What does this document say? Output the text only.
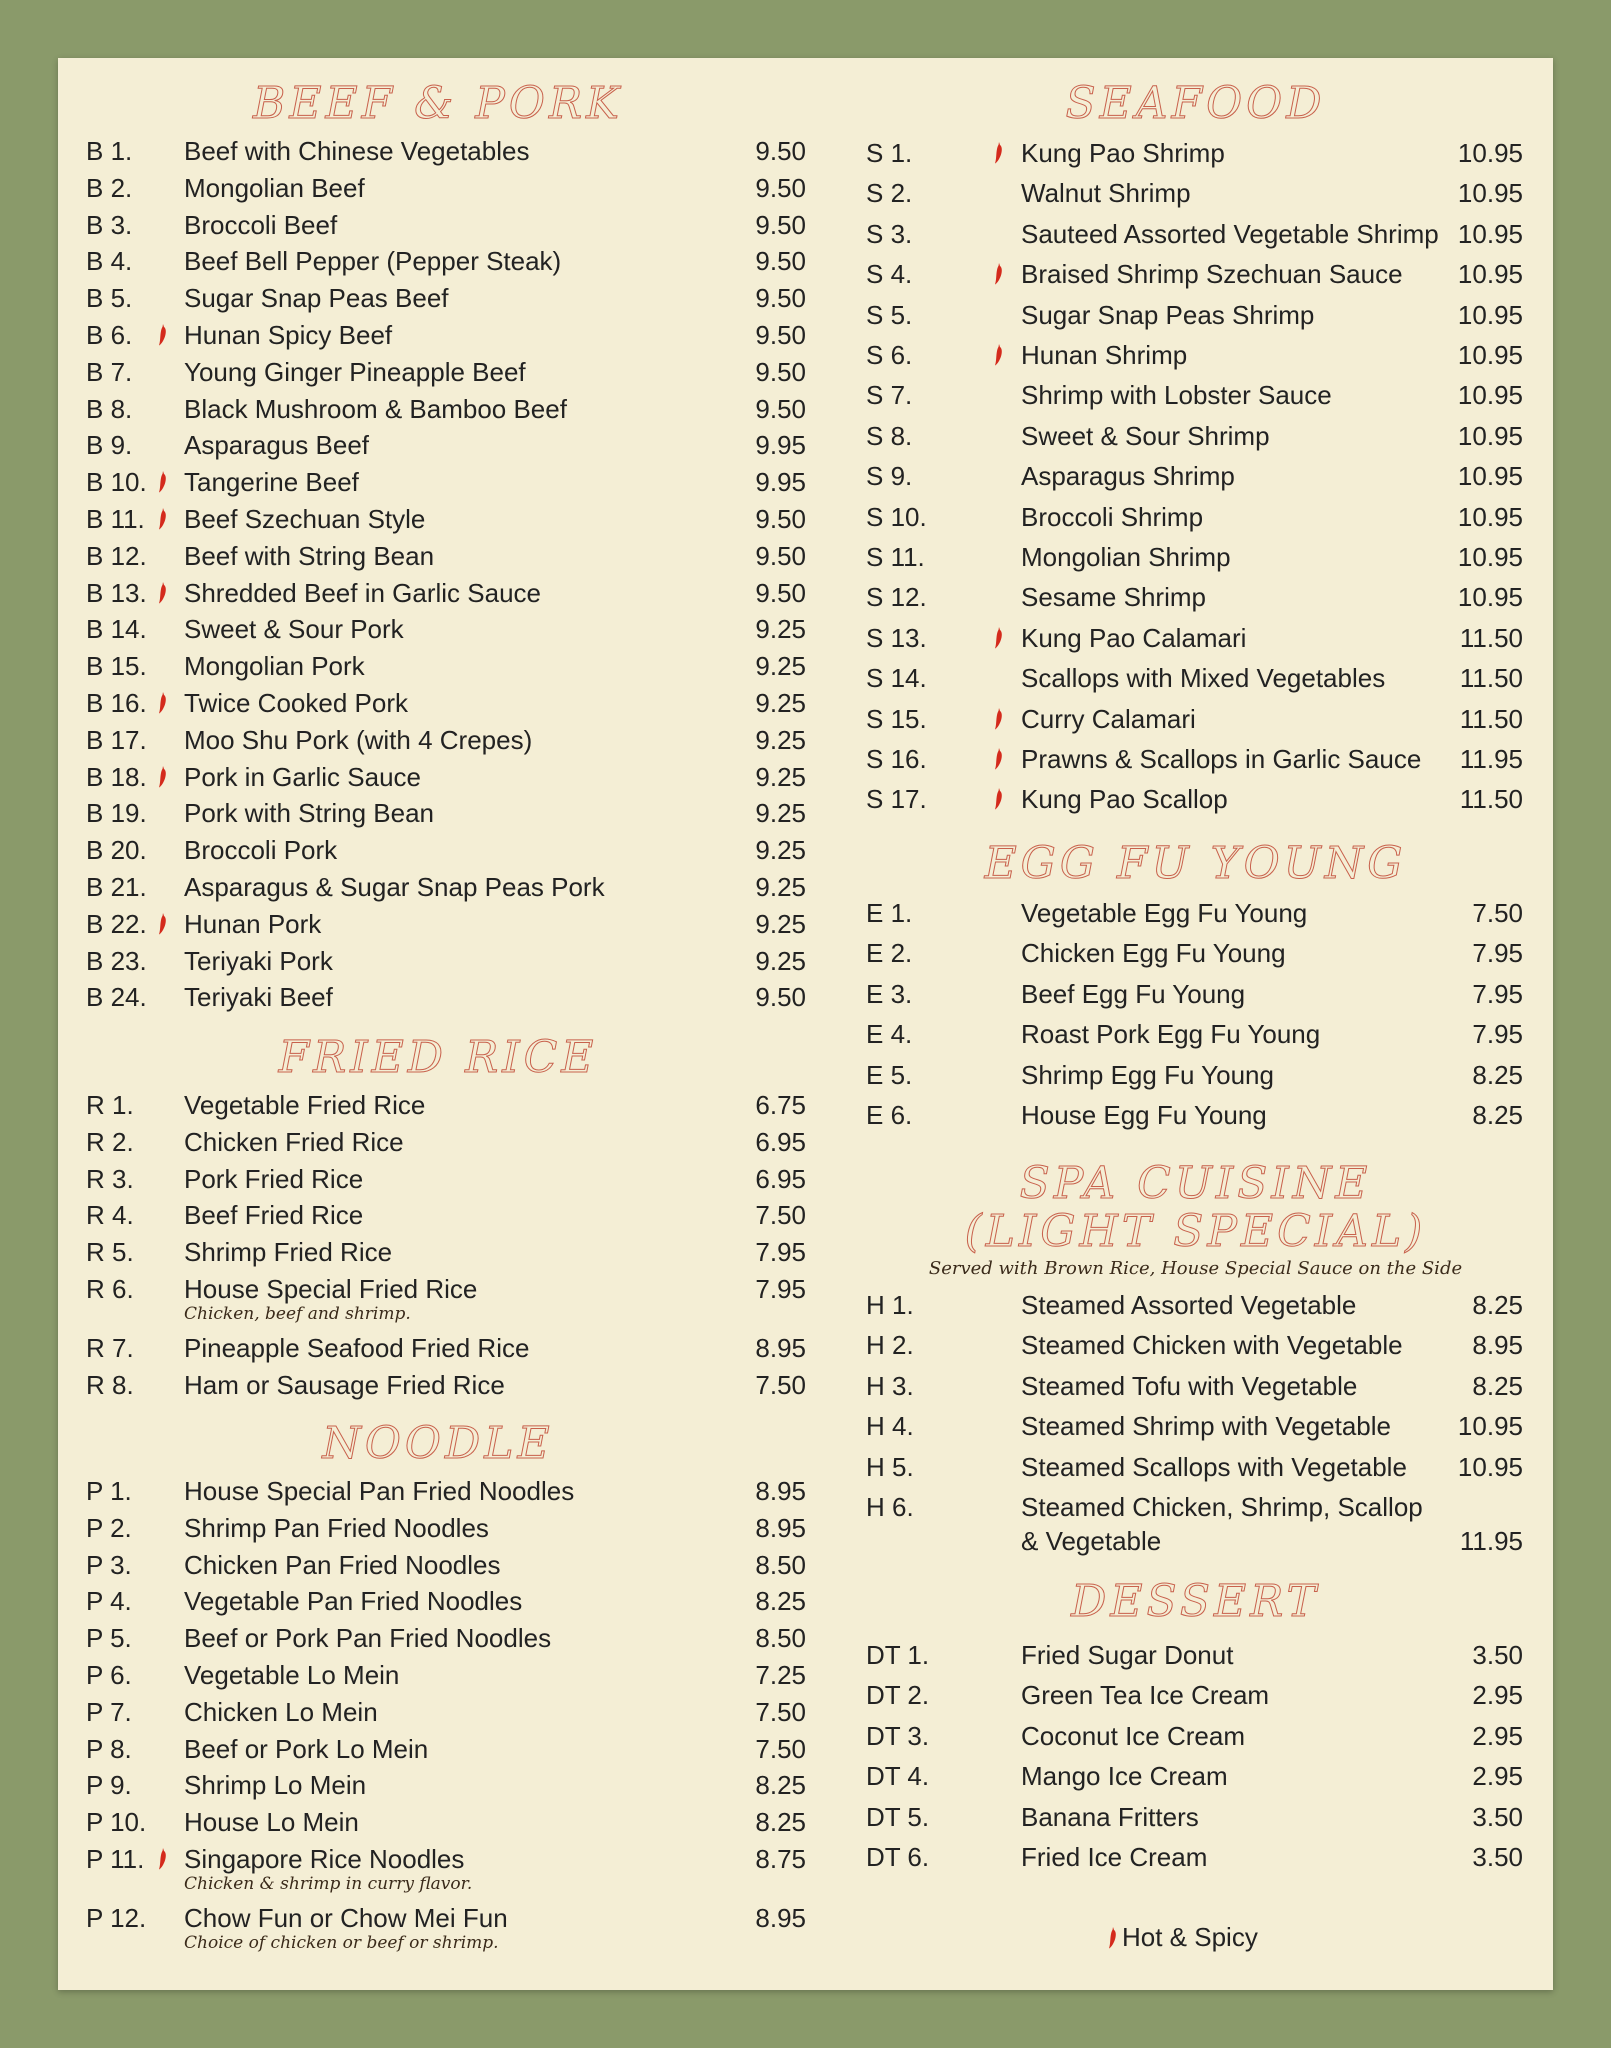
BEEF & PORK
B 1. Beef with Chinese Vegetables	9.50
B 2. Mongolian Beef	9.50
B 3. Broccoli Beef	9.50
B 4. Beef Bell Pepper (Pepper Steak)	9.50
B 5. Sugar Snap Peas Beef	9.50
B 6. Hunan Spicy Beef	9.50
B 7. Young Ginger Pineapple Beef	9.50
B 8. Black Mushroom & Bamboo Beef	9.50
B 9. Asparagus Beef	9.95
B 10. Tangerine Beef	9.95
B 11. Beef Szechuan Style	9.50
B 12. Beef with String Bean	9.50
B 13. Shredded Beef in Garlic Sauce	9.50
B 14. Sweet & Sour Pork	9.25
B 15. Mongolian Pork	9.25
B 16. Twice Cooked Pork	9.25
B 17. Moo Shu Pork (with 4 Crepes)	9.25
B 18. Pork in Garlic Sauce	9.25
B 19. Pork with String Bean	9.25
B 20. Broccoli Pork	9.25
B 21. Asparagus & Sugar Snap Peas Pork	9.25
B 22. Hunan Pork	9.25
B 23. Teriyaki Pork	9.25
B 24. Teriyaki Beef	9.50
FRIED RICE
R 1. Vegetable Fried Rice	6.75
R 2. Chicken Fried Rice	6.95
R 3. Pork Fried Rice	6.95
R 4. Beef Fried Rice	7.50
R 5. Shrimp Fried Rice	7.95
R 6. House Special Fried Rice	7.95
Chicken, beef and shrimp.
R 7. Pineapple Seafood Fried Rice	8.95
R 8. Ham or Sausage Fried Rice	7.50
NOODLE
P 1. House Special Pan Fried Noodles	8.95
P 2. Shrimp Pan Fried Noodles	8.95
P 3. Chicken Pan Fried Noodles	8.50
P 4. Vegetable Pan Fried Noodles	8.25
P 5. Beef or Pork Pan Fried Noodles	8.50
P 6. Vegetable Lo Mein	7.25
P 7. Chicken Lo Mein	7.50
P 8. Beef or Pork Lo Mein	7.50
P 9. Shrimp Lo Mein	8.25
P 10. House Lo Mein	8.25
P 11. Singapore Rice Noodles	8.75
Chicken & shrimp in curry flavor.
P 12. Chow Fun or Chow Mei Fun	8.95
Choice of chicken or beef or shrimp.
SEAFOOD
S 1.	Kung Pao Shrimp	10.95
S 2.	Walnut Shrimp	10.95
S 3.	Sauteed Assorted Vegetable Shrimp 10.95
S 4.	Braised Shrimp Szechuan Sauce	10.95
S 5.	Sugar Snap Peas Shrimp	10.95
S 6.	Hunan Shrimp	10.95
S 7.	Shrimp with Lobster Sauce	10.95
S 8.	Sweet & Sour Shrimp	10.95
S 9.	Asparagus Shrimp	10.95
S 10.	Broccoli Shrimp	10.95
S 11.	Mongolian Shrimp	10.95
S 12.	Sesame Shrimp	10.95
S 13.	Kung Pao Calamari	11.50
S 14.	Scallops with Mixed Vegetables	11.50
S 15.	Curry Calamari	11.50
S 16.	Prawns & Scallops in Garlic Sauce	11.95
S 17.	Kung Pao Scallop	11.50
EGG FU YOUNG
E 1.	Vegetable Egg Fu Young	7.50
E 2.	Chicken Egg Fu Young	7.95
E 3.	Beef Egg Fu Young	7.95
E 4.	Roast Pork Egg Fu Young	7.95
E 5.	Shrimp Egg Fu Young	8.25
E 6.	House Egg Fu Young	8.25
SPA CUISINE
(LIGHT SPECIAL)
Served with Brown Rice, House Special Sauce on the Side
H 1.	Steamed Assorted Vegetable	8.25
H 2.	Steamed Chicken with Vegetable	8.95
H 3.	Steamed Tofu with Vegetable	8.25
H 4.	Steamed Shrimp with Vegetable	10.95
H 5.	Steamed Scallops with Vegetable	10.95
H 6.	Steamed Chicken, Shrimp, Scallop
& Vegetable	11.95
DESSERT
DT 1.	Fried Sugar Donut	3.50
DT 2.	Green Tea Ice Cream	2.95
DT 3.	Coconut Ice Cream	2.95
DT 4.	Mango Ice Cream	2.95
DT 5.	Banana Fritters	3.50
DT 6.	Fried Ice Cream	3.50
Hot & Spicy
